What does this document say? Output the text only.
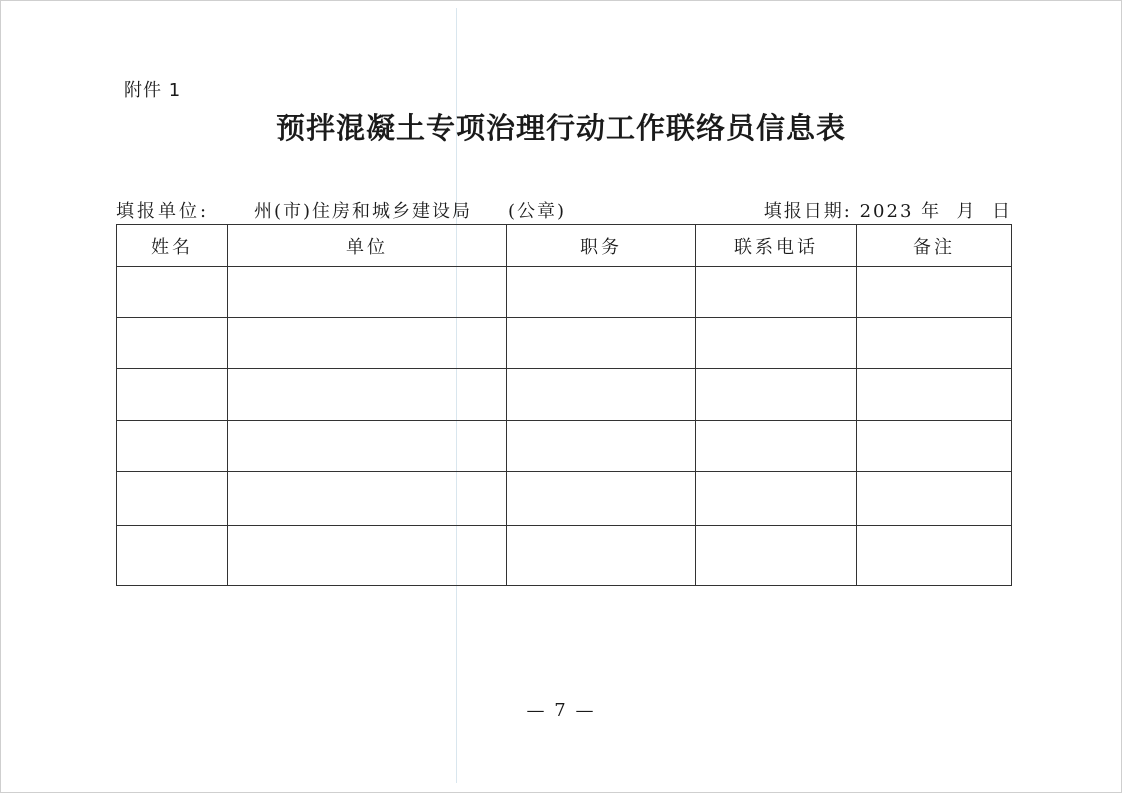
附件 1
预拌混凝土专项治理行动工作联络员信息表
填报单位: 州(市)住房和城乡建设局 (公章)	填报日期: 2023 年  月  日
姓名	单位	职务	联系电话	备注

— 7 —
